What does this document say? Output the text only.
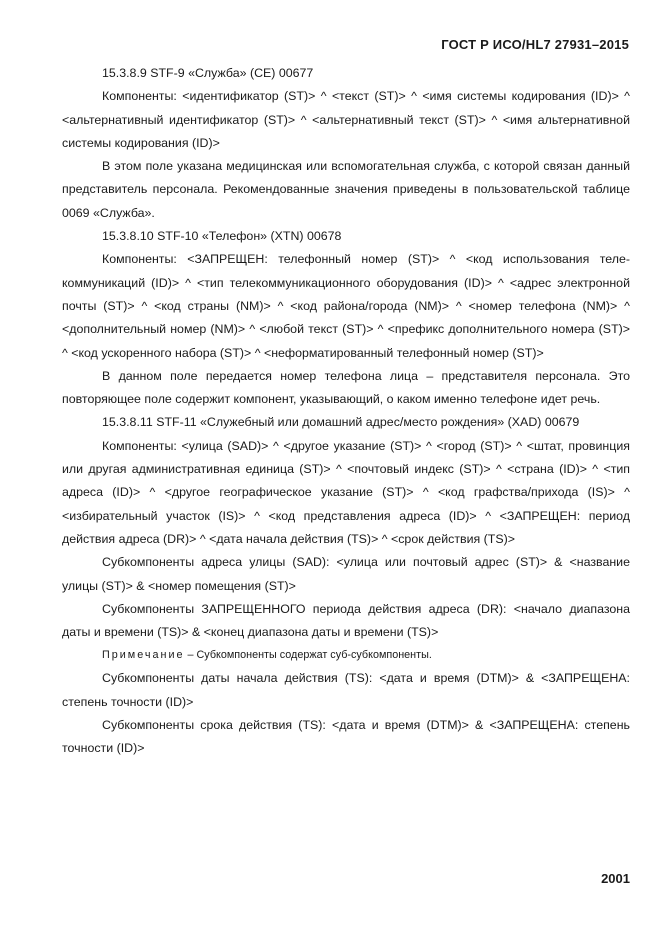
ГОСТ Р ИСО/HL7 27931–2015

15.3.8.9 STF-9 «Служба» (CE) 00677

Компоненты: <идентификатор (ST)> ^ <текст (ST)> ^ <имя системы кодирования (ID)> ^ <альтернативный идентификатор (ST)> ^ <альтернативный текст (ST)> ^ <имя альтернативной системы кодирования (ID)>

В этом поле указана медицинская или вспомогательная служба, с которой связан данный представитель персонала. Рекомендованные значения приведены в пользовательской таблице 0069 «Служба».

15.3.8.10 STF-10 «Телефон» (XTN) 00678

Компоненты: <ЗАПРЕЩЕН: телефонный номер (ST)> ^ <код использования телекоммуникаций (ID)> ^ <тип телекоммуникационного оборудования (ID)> ^ <адрес электронной почты (ST)> ^ <код страны (NM)> ^ <код района/города (NM)> ^ <номер телефона (NM)> ^ <дополнительный номер (NM)> ^ <любой текст (ST)> ^ <префикс дополнительного номера (ST)> ^ <код ускоренного набора (ST)> ^ <неформатированный телефонный номер (ST)>

В данном поле передается номер телефона лица – представителя персонала. Это повторяющее поле содержит компонент, указывающий, о каком именно телефоне идет речь.

15.3.8.11 STF-11 «Служебный или домашний адрес/место рождения» (XAD) 00679

Компоненты: <улица (SAD)> ^ <другое указание (ST)> ^ <город (ST)> ^ <штат, провинция или другая административная единица (ST)> ^ <почтовый индекс (ST)> ^ <страна (ID)> ^ <тип адреса (ID)> ^ <другое географическое указание (ST)> ^ <код графства/прихода (IS)> ^ <избирательный участок (IS)> ^ <код представления адреса (ID)> ^ <ЗАПРЕЩЕН: период действия адреса (DR)> ^ <дата начала действия (TS)> ^ <срок действия (TS)>

Субкомпоненты адреса улицы (SAD): <улица или почтовый адрес (ST)> & <название улицы (ST)> & <номер помещения (ST)>

Субкомпоненты ЗАПРЕЩЕННОГО периода действия адреса (DR): <начало диапазона даты и времени (TS)> & <конец диапазона даты и времени (TS)>

Примечание – Субкомпоненты содержат суб-субкомпоненты.

Субкомпоненты даты начала действия (TS): <дата и время (DTM)> & <ЗАПРЕЩЕНА: степень точности (ID)>

Субкомпоненты срока действия (TS): <дата и время (DTM)> & <ЗАПРЕЩЕНА: степень точности (ID)>

2001
